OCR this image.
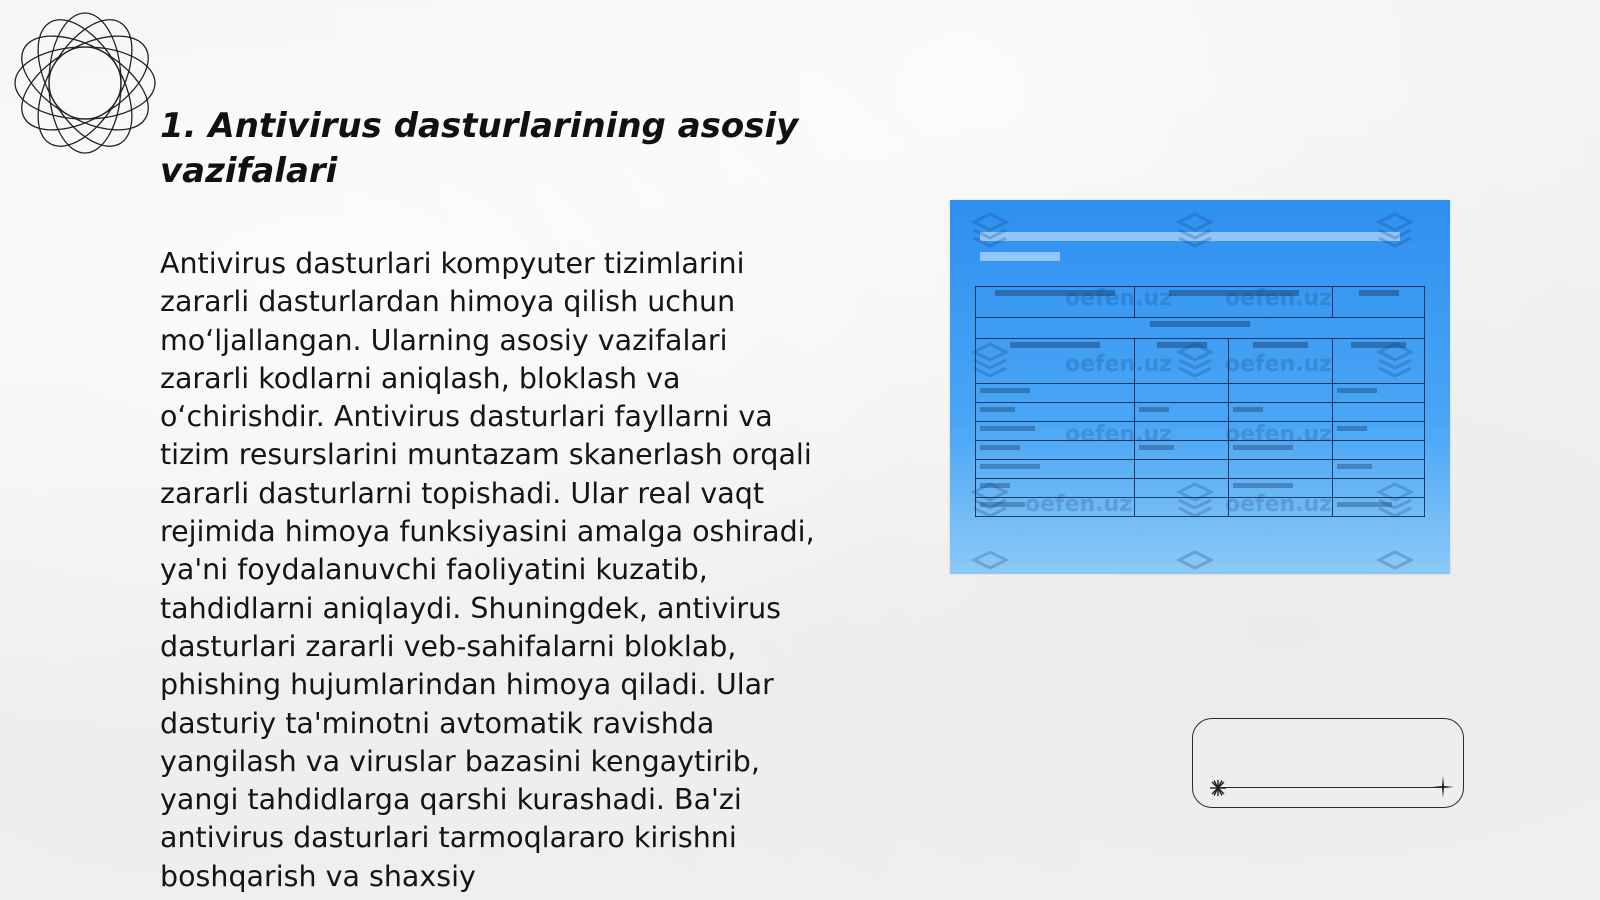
1. Antivirus dasturlarining asosiy
vazifalari

Antivirus dasturlari kompyuter tizimlarini zararli dasturlardan himoya qilish uchun mo‘ljallangan. Ularning asosiy vazifalari zararli kodlarni aniqlash, bloklash va o‘chirishdir. Antivirus dasturlari fayllarni va tizim resurslarini muntazam skanerlash orqali zararli dasturlarni topishadi. Ular real vaqt rejimida himoya funksiyasini amalga oshiradi, ya'ni foydalanuvchi faoliyatini kuzatib, tahdidlarni aniqlaydi. Shuningdek, antivirus dasturlari zararli veb-sahifalarni bloklab, phishing hujumlarindan himoya qiladi. Ular dasturiy ta'minotni avtomatik ravishda yangilash va viruslar bazasini kengaytirib, yangi tahdidlarga qarshi kurashadi. Ba'zi antivirus dasturlari tarmoqlararo kirishni boshqarish va shaxsiy

oefen.uz oefen.uz
oefen.uz oefen.uz
oefen.uz oefen.uz
oefen.uz	oefen.uz
